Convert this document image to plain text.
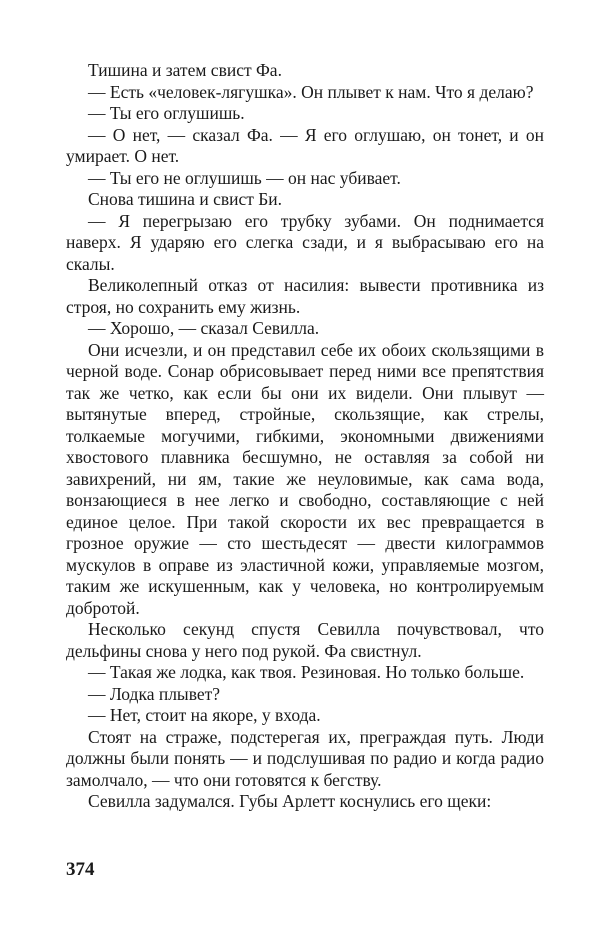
Тишина и затем свист Фа.

— Есть «человек-лягушка». Он плывет к нам. Что я делаю?

— Ты его оглушишь.

— О нет, — сказал Фа. — Я его оглушаю, он тонет, и он умирает. О нет.

— Ты его не оглушишь — он нас убивает.

Снова тишина и свист Би.

— Я перегрызаю его трубку зубами. Он поднимается наверх. Я ударяю его слегка сзади, и я выбрасываю его на скалы.

Великолепный отказ от насилия: вывести противника из строя, но сохранить ему жизнь.

— Хорошо, — сказал Севилла.

Они исчезли, и он представил себе их обоих скользящими в черной воде. Сонар обрисовывает перед ними все препятствия так же четко, как если бы они их видели. Они плывут — вытянутые вперед, стройные, скользящие, как стрелы, толкаемые могучими, гибкими, экономными движениями хвостового плавника бесшумно, не оставляя за собой ни завихрений, ни ям, такие же неуловимые, как сама вода, вонзающиеся в нее легко и свободно, составляющие с ней единое целое. При такой скорости их вес превращается в грозное оружие — сто шестьдесят — двести килограммов мускулов в оправе из эластичной кожи, управляемые мозгом, таким же искушенным, как у человека, но контролируемым добротой.

Несколько секунд спустя Севилла почувствовал, что дельфины снова у него под рукой. Фа свистнул.

— Такая же лодка, как твоя. Резиновая. Но только больше.

— Лодка плывет?

— Нет, стоит на якоре, у входа.

Стоят на страже, подстерегая их, преграждая путь. Люди должны были понять — и подслушивая по радио и когда радио замолчало, — что они готовятся к бегству.

Севилла задумался. Губы Арлетт коснулись его щеки:

374
